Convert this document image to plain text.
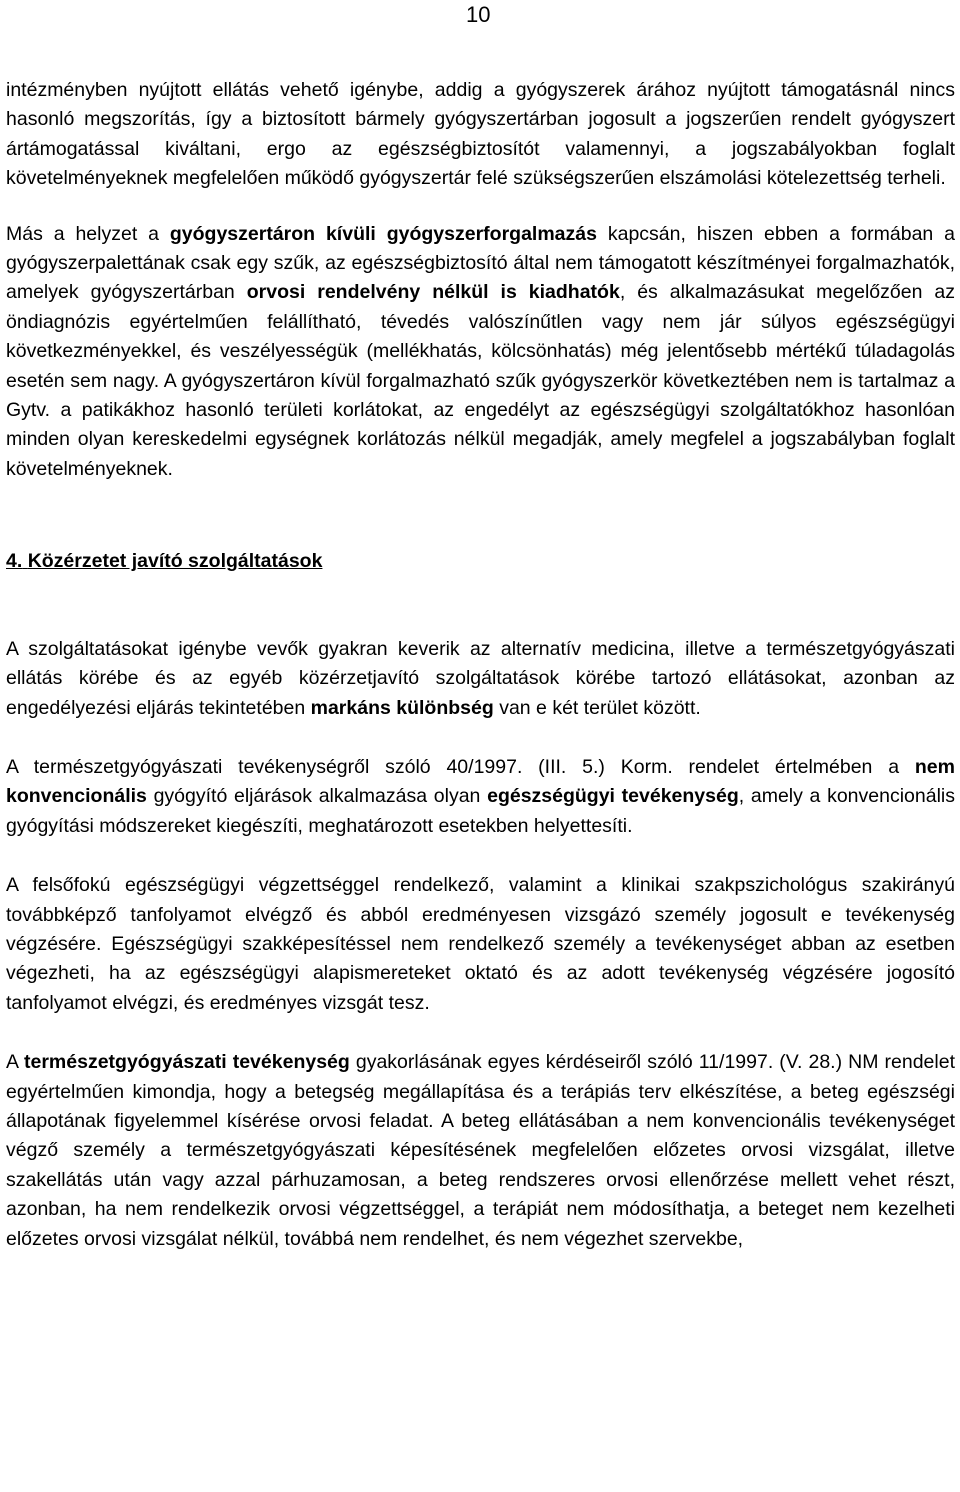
10

intézményben nyújtott ellátás vehető igénybe, addig a gyógyszerek árához nyújtott támogatásnál nincs hasonló megszorítás, így a biztosított bármely gyógyszertárban jogosult a jogszerűen rendelt gyógyszert ártámogatással kiváltani, ergo az egészségbiztosítót valamennyi, a jogszabályokban foglalt követelményeknek megfelelően működő gyógyszertár felé szükségszerűen elszámolási kötelezettség terheli.

Más a helyzet a gyógyszertáron kívüli gyógyszerforgalmazás kapcsán, hiszen ebben a formában a gyógyszerpalettának csak egy szűk, az egészségbiztosító által nem támogatott készítményei forgalmazhatók, amelyek gyógyszertárban orvosi rendelvény nélkül is kiadhatók, és alkalmazásukat megelőzően az öndiagnózis egyértelműen felállítható, tévedés valószínűtlen vagy nem jár súlyos egészségügyi következményekkel, és veszélyességük (mellékhatás, kölcsönhatás) még jelentősebb mértékű túladagolás esetén sem nagy. A gyógyszertáron kívül forgalmazható szűk gyógyszerkör következtében nem is tartalmaz a Gytv. a patikákhoz hasonló területi korlátokat, az engedélyt az egészségügyi szolgáltatókhoz hasonlóan minden olyan kereskedelmi egységnek korlátozás nélkül megadják, amely megfelel a jogszabályban foglalt követelményeknek.

4. Közérzetet javító szolgáltatások

A szolgáltatásokat igénybe vevők gyakran keverik az alternatív medicina, illetve a természetgyógyászati ellátás körébe és az egyéb közérzetjavító szolgáltatások körébe tartozó ellátásokat, azonban az engedélyezési eljárás tekintetében markáns különbség van e két terület között.

A természetgyógyászati tevékenységről szóló 40/1997. (III. 5.) Korm. rendelet értelmében a nem konvencionális gyógyító eljárások alkalmazása olyan egészségügyi tevékenység, amely a konvencionális gyógyítási módszereket kiegészíti, meghatározott esetekben helyettesíti.

A felsőfokú egészségügyi végzettséggel rendelkező, valamint a klinikai szakpszichológus szakirányú továbbképző tanfolyamot elvégző és abból eredményesen vizsgázó személy jogosult e tevékenység végzésére. Egészségügyi szakképesítéssel nem rendelkező személy a tevékenységet abban az esetben végezheti, ha az egészségügyi alapismereteket oktató és az adott tevékenység végzésére jogosító tanfolyamot elvégzi, és eredményes vizsgát tesz.

A természetgyógyászati tevékenység gyakorlásának egyes kérdéseiről szóló 11/1997. (V. 28.) NM rendelet egyértelműen kimondja, hogy a betegség megállapítása és a terápiás terv elkészítése, a beteg egészségi állapotának figyelemmel kísérése orvosi feladat. A beteg ellátásában a nem konvencionális tevékenységet végző személy a természetgyógyászati képesítésének megfelelően előzetes orvosi vizsgálat, illetve szakellátás után vagy azzal párhuzamosan, a beteg rendszeres orvosi ellenőrzése mellett vehet részt, azonban, ha nem rendelkezik orvosi végzettséggel, a terápiát nem módosíthatja, a beteget nem kezelheti előzetes orvosi vizsgálat nélkül, továbbá nem rendelhet, és nem végezhet szervekbe,
